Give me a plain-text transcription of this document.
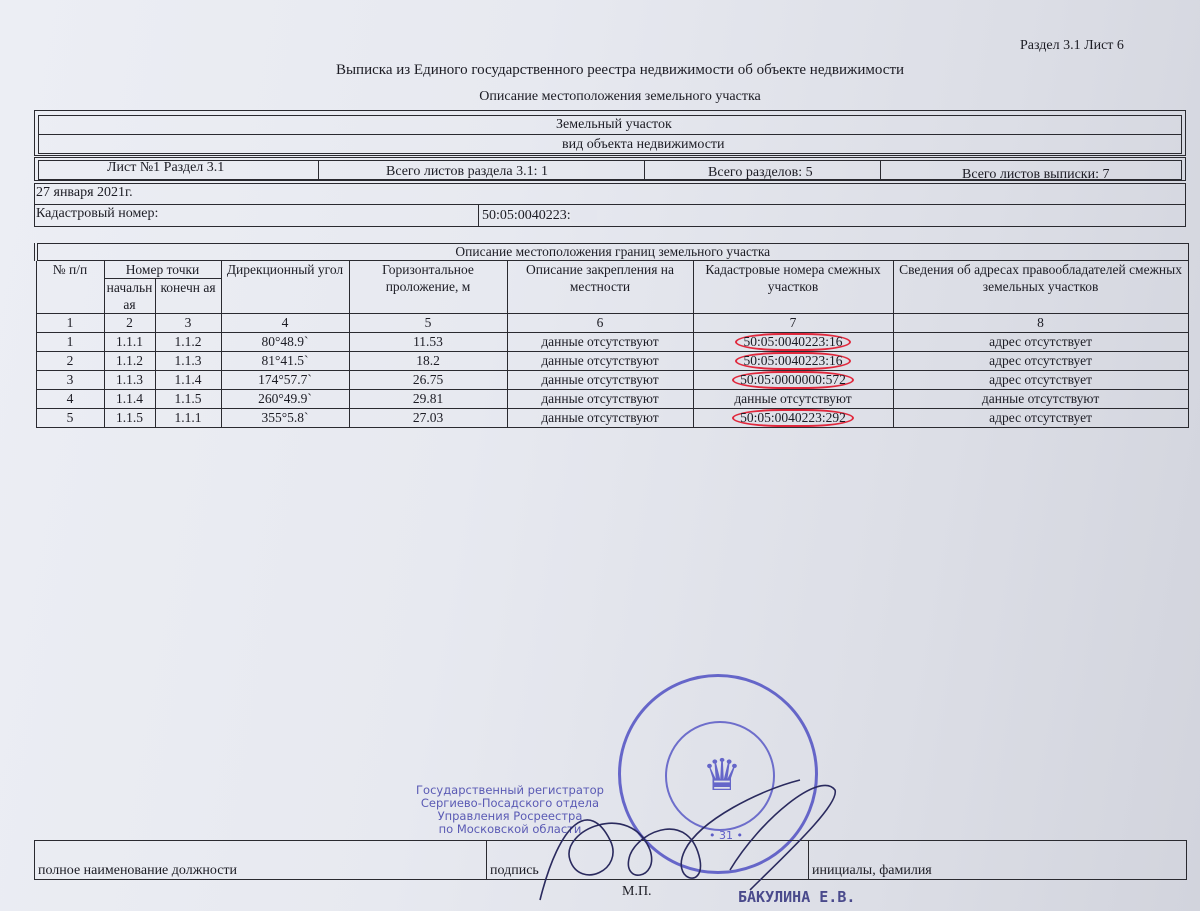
Раздел 3.1 Лист 6
Выписка из Единого государственного реестра недвижимости об объекте недвижимости
Описание местоположения земельного участка
Земельный участок
вид объекта недвижимости
Лист №1 Раздел 3.1	Всего листов раздела 3.1: 1	Всего разделов: 5	Всего листов выписки: 7
27 января 2021г.
Кадастровый номер:	50:05:0040223:
Описание местоположения границ земельного участка							
№ п/п	Номер точки		Дирекционный угол	Горизонтальное проложение, м	Описание закрепления на местности	Кадастровые номера смежных участков	Сведения об адресах правообладателей смежных земельных участков
	начальн ая	конечн ая					
1	2	3	4	5	6	7	8
1	1.1.1	1.1.2	80°48.9`	11.53	данные отсутствуют	50:05:0040223:16	адрес отсутствует
2	1.1.2	1.1.3	81°41.5`	18.2	данные отсутствуют	50:05:0040223:16	адрес отсутствует
3	1.1.3	1.1.4	174°57.7`	26.75	данные отсутствуют	50:05:0000000:572	адрес отсутствует
4	1.1.4	1.1.5	260°49.9`	29.81	данные отсутствуют	данные отсутствуют	данные отсутствуют
5	1.1.5	1.1.1	355°5.8`	27.03	данные отсутствуют	50:05:0040223:292	адрес отсутствует
♛
• 31 •
Государственный регистратор
Сергиево-Посадского отдела
Управления Росреестра
по Московской области
полное наименование должности	подпись	инициалы, фамилия
М.П.	БАКУЛИНА Е.В.
